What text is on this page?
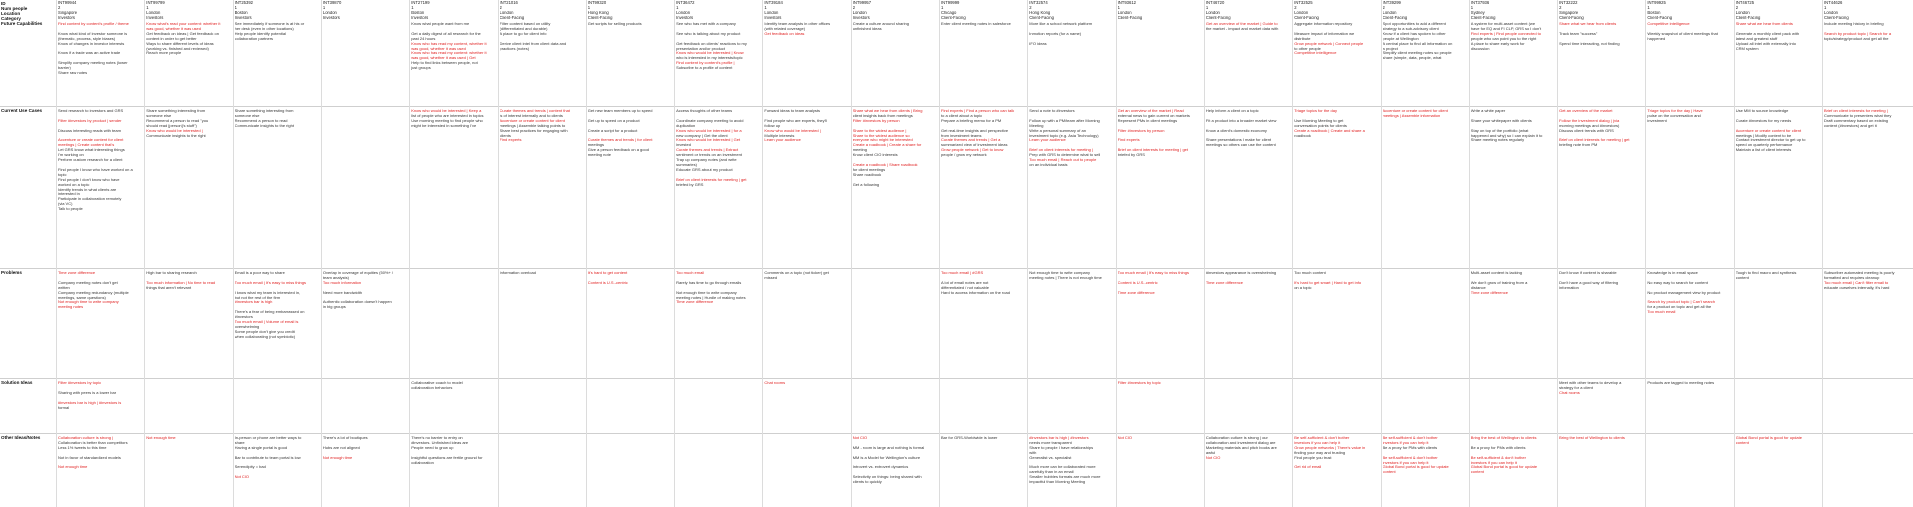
ID
Num people
Location
Category
Future Capabilities
Current Use Cases
Problems
Solution Ideas
Other Ideas/Notes
INT99944
2
Singapore
Investors
Find content by content's profile / theme

Know what kind of investor someone is
(thematic, process, style biases)
Know of changes in investor interests

Know if a trade was an active trade

Simplify company meeting notes (lower
barrier)
Share raw notes
Send research to investors and GRS

Filter #investors by product | sender

Discuss interesting reads with team

Accenture or create content for client
meetings | Create content that's
Let GRS know what interesting things
I'm working on
Perform custom research for a client

Find people I know who have worked on a
topic
Find people I don't know who have
worked on a topic
Identify trends in what clients are
interested in
Participate in collaboration remotely
(via VC)
Talk to people
Time zone difference

Company meeting notes don't get
written
Company meeting redundancy (multiple
meetings, same questions)
Not enough time to write company
meeting notes
Filter #investors by topic

Sharing with peers is a lower bar

#investors bar is high | #investors is
formal
Collaboration culture is strong |
Collaboration is better than competitors
Less 1% tweets to this time

Not in favor of standardized models

Not enough time
INT99799
1
London
Investors
Know what's read your content: whether it
was good, whether it was used
Get feedback on ideas | Get feedback on
content in order to get better
Ways to share different levels of ideas
(working vs. finished and reviewed)
Reach more people
Share something interesting from
someone else
Recommend a person to read "you
should read [person]'s stuff")
Know who would be interested |
Communicate insights to the right
High bar to sharing research

Too much information | No time to read
things that aren't relevant
Not enough time
INT25392
1
Boston
Investors
See immediately if someone is at his or
her desk (even in other locations)
Help people identify potential
collaboration partners
Share something interesting from
someone else
Recommend a person to read
Communicate insights to the right
Email is a poor way to share

Too much email | It's easy to miss things

I know what my team is interested in,
but not the rest of the firm
#investors bar is high

There's a fear of being embarrassed on
#investors
Too much email | Volume of email is
overwhelming
Some people don't give you credit
when collaborating (not symbiotic)
In-person or phone are better ways to
share
Having a single portal is good

Bar to contribute to team portal is low

Serendipity = bad

Not CIO
INT39870
1
London
Investors
Overlap in coverage of equities (50%+ /
team analysts)
Too much information

Need more bandwidth

Authentic collaboration doesn't happen
in big groups
There's a lot of boutiques

Hubs are not aligned

Not enough time
INT27199
1
Boston
Investors
Know what people want from me

Get a daily digest of all research for the
past 24 hours
Know who has read my content, whether it
was good, whether it was used
Know who has read my content: whether it
was good, whether it was used | Get
Help to find links between people, not
just groups
Know who would be interested | Keep a
list of people who are interested in topics
Use morning meeting to find people who
might be interested in something I've
Collaborative coach to model
collaboration behaviors
There's no barrier to entry on
#investors. Unfinished ideas are
People need to grow up

Insightful questions are fertile ground for
collaboration
INT21016
2
London
Client-Facing
Filter content based on utility
(differentiated and durable)
A place to go for client info

Derive client intel from client data and
practices (notes)
Curate themes and trends | content that
is of interest internally and to clients
Accenture or create content for client
meetings | Assemble talking points to
Share best practices for engaging with
clients
Find experts
Information overload
INT99320
1
Hong Kong
Client-Facing
Get scripts for selling products
Get new team members up to speed

Get up to speed on a product

Create a script for a product

Curate themes and trends | for client
meetings
Give a person feedback on a good
meeting note
It's hard to get content

Content is U.S.-centric
INT36472
1
London
Investors
See who has met with a company

See who is talking about my product

Get feedback on clients' reactions to my
presentation and/or product
Know who would be interested | Know
who is interested in my interests/topic
Find content by content's profile |
Subscribe to a profile of content
Access thoughts of other teams

Coordinate company meeting to avoid
duplication
Know who would be interested | for a
new company | Get the client
Know who would be interested | Get
invested
Curate themes and trends | Extract
sentiment or trends on an investment
Trap up company notes (and write
summaries)
Educate GRS about my product

Brief on client interests for meeting | get
briefed by GRS
Too much email

Rarely has time to go through emails

Not enough time to write company
meeting notes | Hurdle of making notes
Time zone difference
INT39184
1
London
Investors
Identify team analysts in other offices
(with related coverage)
Get feedback on ideas
Forward ideas to team analysts

Find people who are experts, they'll
follow up
Know who would be interested |
Multiple interests
Learn your audience
Comments on a topic (not ticker) get
missed
Chat rooms
INT99957
2
London
Investors
Create a culture around sharing
unfinished ideas
Share what we hear from clients | Bring
client insights back from meetings
Filter #investors by person

Share to the widest audience |
Share to the widest audience so
everyone who might be interested
Create a roadbook | Create a share for
meeting
Know client CIO interests

Create a roadbook | Share roadbook
for client meetings
Share roadbook

Get a following
Not CIO

MM - room is large and nothing is formal

MM is a Model for Wellington's culture

Introvert vs. extrovert dynamics

Selectivity on things: being shared with
clients to quickly
INT99999
1
Chicago
Client-Facing
Enter client meeting notes in salesforce
Find experts | Find a person who can talk
to a client about a topic
Prepare a briefing memo for a PM

Get real-time insights and perspective
from investment teams
Curate themes and trends | Get a
summarized view of investment ideas
Grow people network | Get to know
people / grow my network
Too much email | #GRS

A lot of email notes are not
differentiated / not valuable
Hard to access information on the road
Bar for GRS-Worldwide is lower
INT32574
2
Hong Kong
Client-Facing
More like a school network platform

Inmotion reports (for a name)

IFO ideas
Send a note to #investors

Follow up with a PM/team after Morning
Meeting
Write a personal summary of an
investment topic (e.g. Asia Technology)
Learn your audience

Brief on client interests for meeting |
Prep with GRS to determine what to sell
Too much email | Reach out to people
on an individual basis
Not enough time to write company
meeting notes | There is not enough time
#investors bar is high | #investors
needs more transparent
Share to people I have relationships
with
Generalist vs. specialist

Much more can be collaborated more
carefully than in an email
Smaller hubbles formats are much more
impactful than Morning Meeting
INT93612
1
London
Client-Facing
Get an overview of the market | Read
external news to gain current on markets
Represent PMs in client meetings

Filter #investors by person

Find experts

Brief on client interests for meeting | get
briefed by GRS
Too much email | It's easy to miss things

Content is U.S.-centric

Time zone difference
Filter #investors by topic
Not CIO
INT46720
1
London
Client-Facing
Get an overview of the market | Guide to
the market - impact and market data with
Help inform a client on a topic

Fit a product into a broader market view

Know a client's domestic economy

Share presentations I make for client
meetings so others can use the content
#investors appearance is overwhelming

Time zone difference
Collaboration culture is strong | our
collaboration and investment dialog are
Marketing materials and pitch books are
awful
Not CIO
INT32525
2
London
Client-Facing
Aggregate information repository

Measure impact of information we
distribute
Grow people network | Connect people
to other people
Competitive intelligence
Triage topics for the day

Use Morning Meeting to get
conversation points for clients
Create a roadbook | Create and share a
roadbook
Too much content

It's hard to get smart | Hard to get info
on a topic
Be self-sufficient & don't bother
investors if you can help it
Grow people networks | There's value in
finding your way and trusting
Find people you trust

Get rid of email
INT39299
2
London
Client-Facing
Spot opportunities to add a different
strategy to a sub-advisory client
Know if a client has spoken to other
people at Wellington
A central place to find all information on
a project
Simplify client meeting notes so people
share (simple, data, people, what
Accenture or create content for client
meetings | Assemble information
Be self-sufficient & don't bother
investors if you can help it
Be a proxy for PMs with clients

Be self-sufficient & don't bother
investors if you can help it
Global Bond portal is good for update
content
INT37936
1
Sydney
Client-Facing
A system for multi-asset content (we
have for EQ and FI CLP, GRS so I don't
Find experts | Find people connected to
people who can point you to the right
A place to share early work for
discussion
Write a white paper

Share your whitepaper with clients

Stay on top of the portfolio (what
happened and why) so I can explain it to
Share meeting notes regularly
Multi-asset content is lacking

We don't grow of training from a
distance
Time zone difference
Bring the best of Wellington to clients

Be a proxy for PMs with clients

Be self-sufficient & don't bother
investors if you can help it
Global Bond portal is good for update
content
INT32222
2
Singapore
Client-Facing
Share what we hear from clients

Track team "success"

Spend time interacting, not finding
Get an overview of the market

Follow the investment dialog | (via
morning meetings and #investors)
Discuss client trends with GRS

Brief on client interests for meeting | get
briefing note from PM
Don't know if content is sharable

Don't have a good way of filtering
information
Meet with other teams to develop a
strategy for a client
Chat rooms
Bring the best of Wellington to clients
INT99925
1
Boston
Client-Facing
Competitive intelligence

Weekly snapshot of client meetings that
happened
Triage topics for the day | Have
pulse on the conversation and
investment
Knowledge is in email space

No easy way to search for content

No product management view by product

Search by product topic | Can't search
for a product on topic and get all the
Too much email
Products are tagged to meeting notes
INT46725
2
London
Client-Facing
Share what we hear from clients

Generate a monthly client pack with
latest and greatest stuff
Upload all intel with externally into
CRM system
Use MM to source knowledge

Curate #investors for my needs

Accenture or create content for client
meetings | Modify content to be
Contact investment director to get up to
speed on quarterly performance
Maintain a list of client interests
Tough to find macro and synthesis
content
Global Bond portal is good for update
content
INT44626
1
London
Client-Facing
Include meeting history in briefing

Search by product topic | Search for a
topic/strategy/product and get all the
Brief on client interests for meeting |
Communicate to presenters what they
Draft commentary based on existing
content (#investors) and get it
Subscriber automated meeting is poorly
formatted and requires cleanup
Too much email | Can't filter email to
educate ourselves internally, it's hard
